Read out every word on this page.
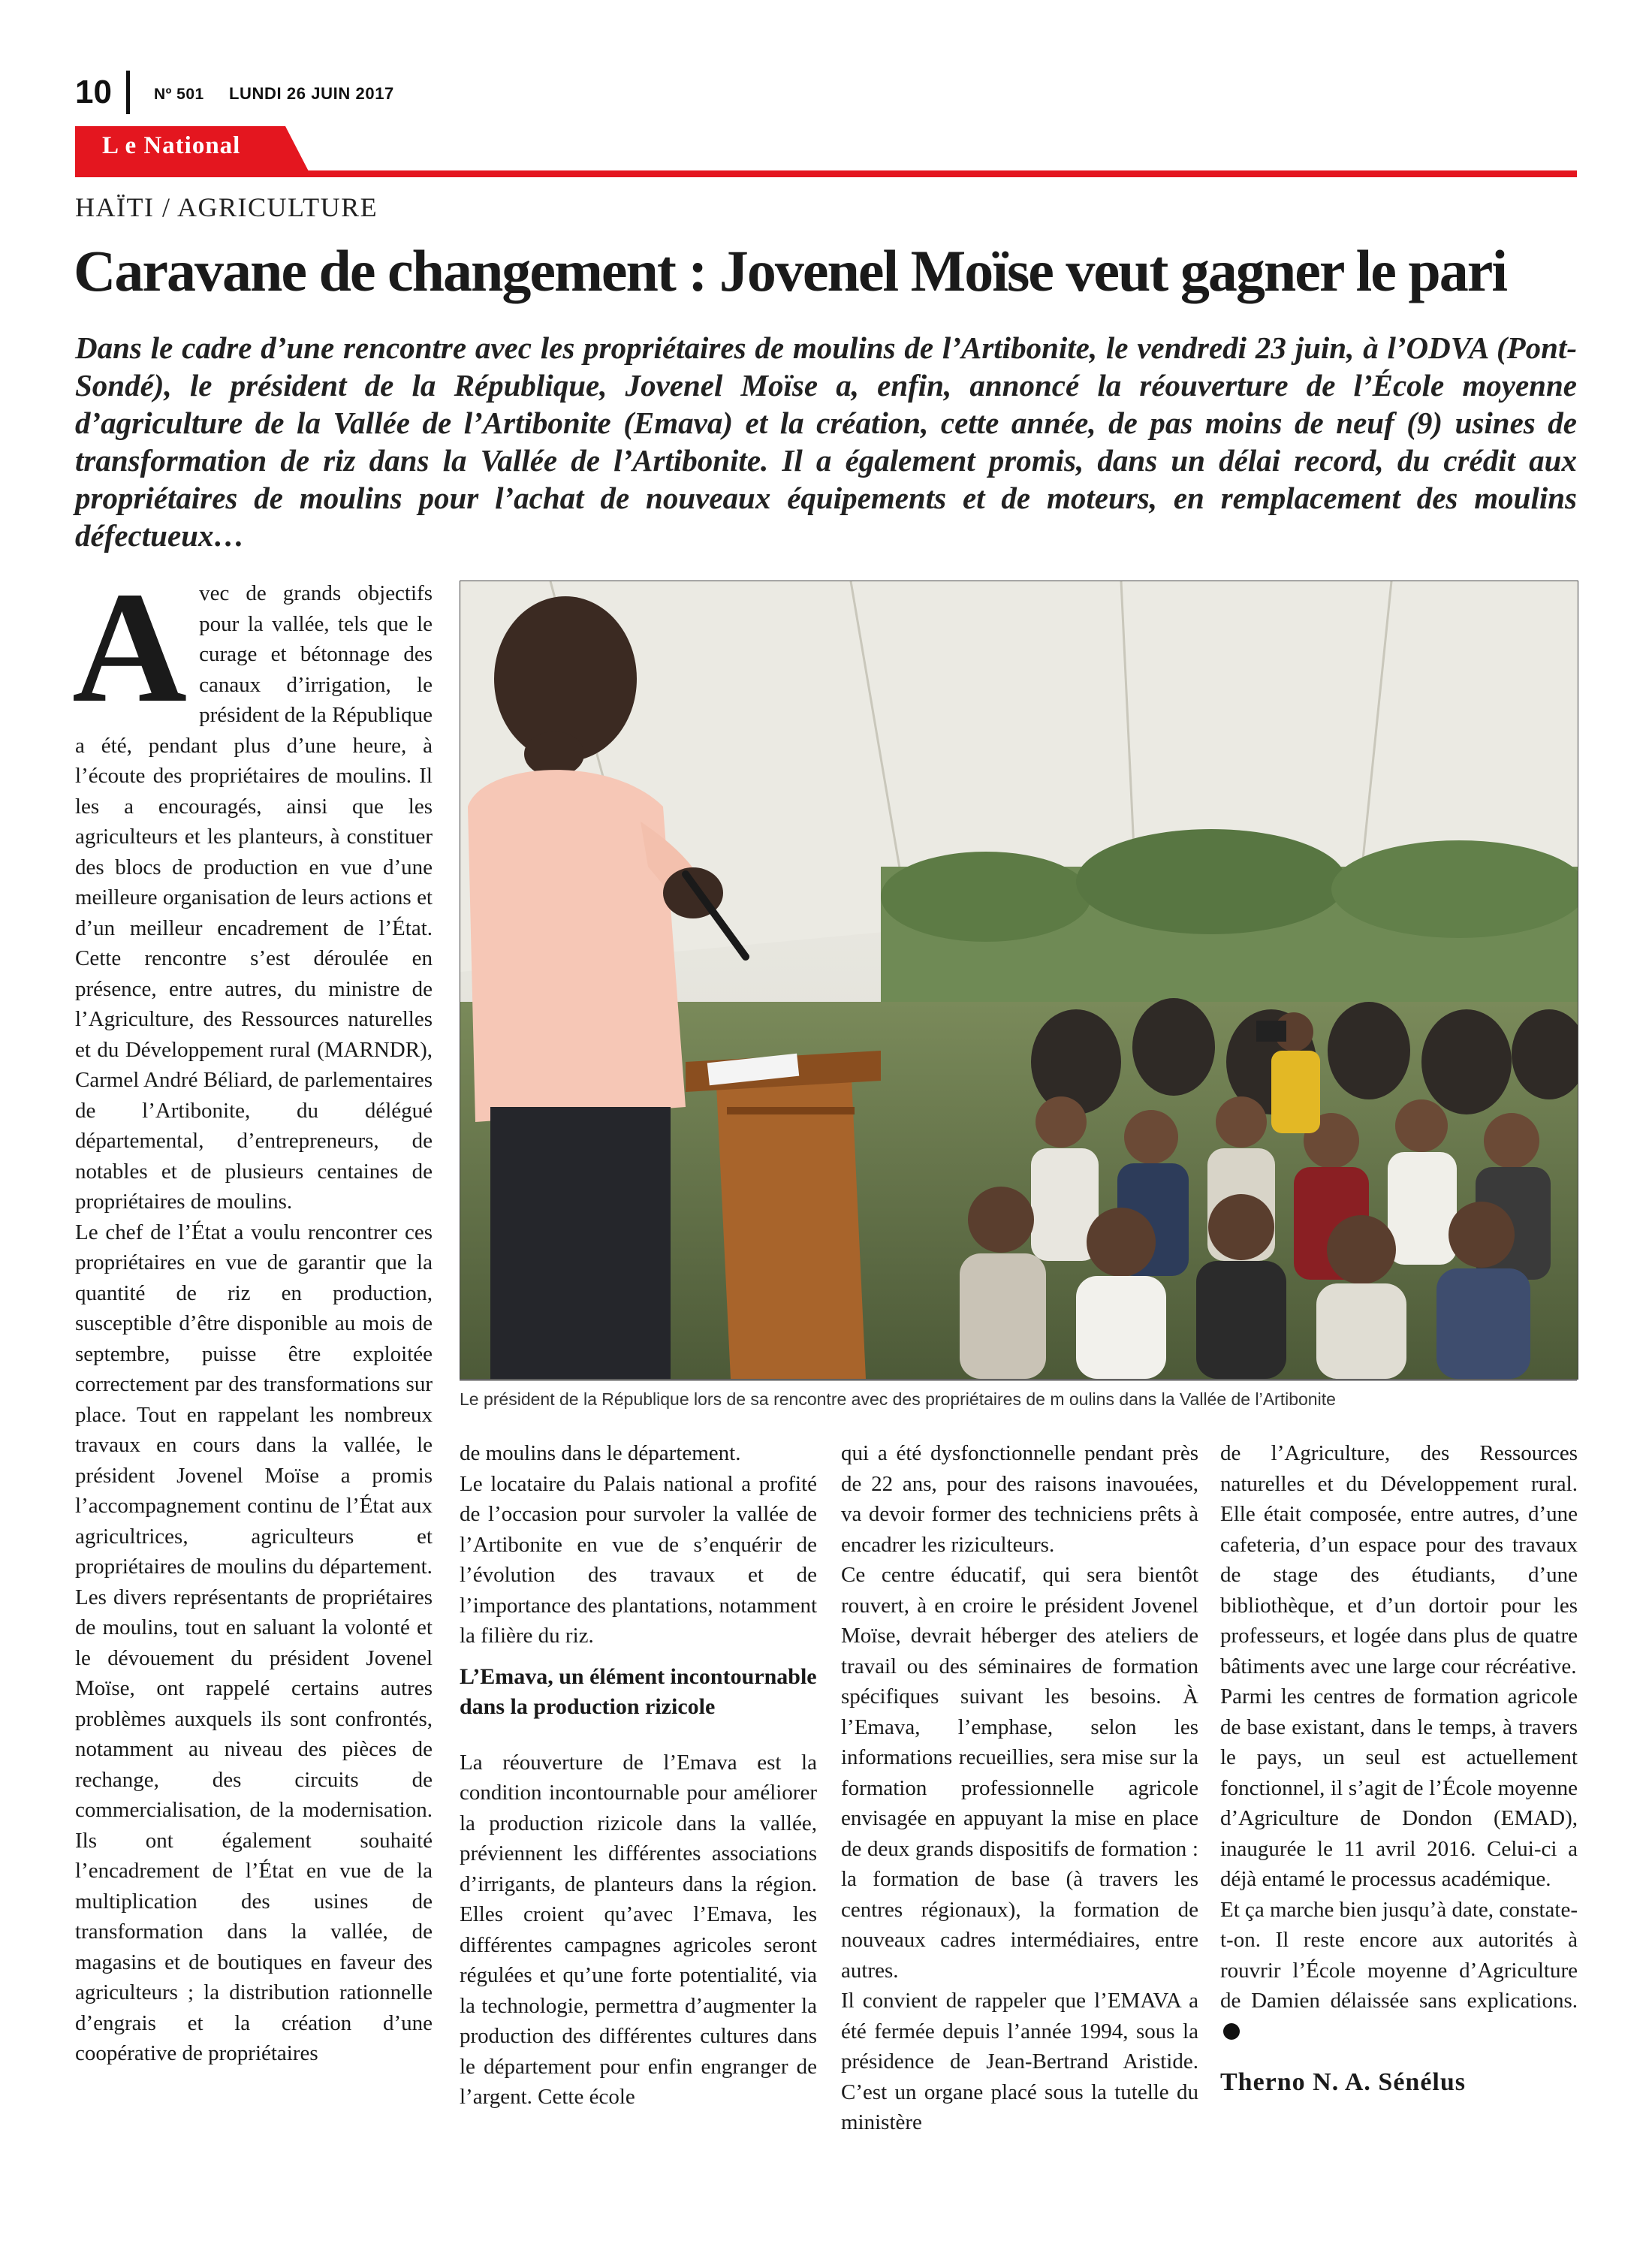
10	Nº 501 LUNDI 26 JUIN 2017
L e National
HAÏTI / AGRICULTURE
Caravane de changement : Jovenel Moïse veut gagner le pari
Dans le cadre d’une rencontre avec les propriétaires de moulins de l’Artibonite, le vendredi 23 juin, à l’ODVA (Pont-Sondé), le président de la République, Jovenel Moïse a, enfin, annoncé la réouverture de l’École moyenne d’agriculture de la Vallée de l’Artibonite (Emava) et la création, cette année, de pas moins de neuf (9) usines de transformation de riz dans la Vallée de l’Artibonite. Il a également promis, dans un délai record, du crédit aux propriétaires de moulins pour l’achat de nouveaux équipements et de moteurs, en remplacement des moulins défectueux…

Avec de grands objectifs pour la vallée, tels que le curage et bétonnage des canaux d’irrigation, le président de la République a été, pendant plus d’une heure, à l’écoute des propriétaires de moulins. Il les a encouragés, ainsi que les agriculteurs et les planteurs, à constituer des blocs de production en vue d’une meilleure organisation de leurs actions et d’un meilleur encadrement de l’État. Cette rencontre s’est déroulée en présence, entre autres, du ministre de l’Agriculture, des Ressources naturelles et du Développement rural (MARNDR), Carmel André Béliard, de parlementaires de l’Artibonite, du délégué départemental, d’entrepreneurs, de notables et de plusieurs centaines de propriétaires de moulins.

Le chef de l’État a voulu rencontrer ces propriétaires en vue de garantir que la quantité de riz en production, susceptible d’être disponible au mois de septembre, puisse être exploitée correctement par des transformations sur place. Tout en rappelant les nombreux travaux en cours dans la vallée, le président Jovenel Moïse a promis l’accompagnement continu de l’État aux agricultrices, agriculteurs et propriétaires de moulins du département.

Les divers représentants de propriétaires de moulins, tout en saluant la volonté et le dévouement du président Jovenel Moïse, ont rappelé certains autres problèmes auxquels ils sont confrontés, notamment au niveau des pièces de rechange, des circuits de commercialisation, de la modernisation. Ils ont également souhaité l’encadrement de l’État en vue de la multiplication des usines de transformation dans la vallée, de magasins et de boutiques en faveur des agriculteurs ; la distribution rationnelle d’engrais et la création d’une coopérative de propriétaires

Le président de la République lors de sa rencontre avec des propriétaires de m oulins dans la Vallée de l’Artibonite

de moulins dans le département.

Le locataire du Palais national a profité de l’occasion pour survoler la vallée de l’Artibonite en vue de s’enquérir de l’évolution des travaux et de l’importance des plantations, notamment la filière du riz.

L’Emava, un élément incontournable dans la production rizicole

La réouverture de l’Emava est la condition incontournable pour améliorer la production rizicole dans la vallée, préviennent les différentes associations d’irrigants, de planteurs dans la région. Elles croient qu’avec l’Emava, les différentes campagnes agricoles seront régulées et qu’une forte potentialité, via la technologie, permettra d’augmenter la production des différentes cultures dans le département pour enfin engranger de l’argent. Cette école

qui a été dysfonctionnelle pendant près de 22 ans, pour des raisons inavouées, va devoir former des techniciens prêts à encadrer les riziculteurs.

Ce centre éducatif, qui sera bientôt rouvert, à en croire le président Jovenel Moïse, devrait héberger des ateliers de travail ou des séminaires de formation spécifiques suivant les besoins. À l’Emava, l’emphase, selon les informations recueillies, sera mise sur la formation professionnelle agricole envisagée en appuyant la mise en place de deux grands dispositifs de formation : la formation de base (à travers les centres régionaux), la formation de nouveaux cadres intermédiaires, entre autres.

Il convient de rappeler que l’EMAVA a été fermée depuis l’année 1994, sous la présidence de Jean-Bertrand Aristide. C’est un organe placé sous la tutelle du ministère

de l’Agriculture, des Ressources naturelles et du Développement rural. Elle était composée, entre autres, d’une cafeteria, d’un espace pour des travaux de stage des étudiants, d’une bibliothèque, et d’un dortoir pour les professeurs, et logée dans plus de quatre bâtiments avec une large cour récréative.

Parmi les centres de formation agricole de base existant, dans le temps, à travers le pays, un seul est actuellement fonctionnel, il s’agit de l’École moyenne d’Agriculture de Dondon (EMAD), inaugurée le 11 avril 2016. Celui-ci a déjà entamé le processus académique.

Et ça marche bien jusqu’à date, constate-t-on. Il reste encore aux autorités à rouvrir l’École moyenne d’Agriculture de Damien délaissée sans explications.

Therno N. A. Sénélus
